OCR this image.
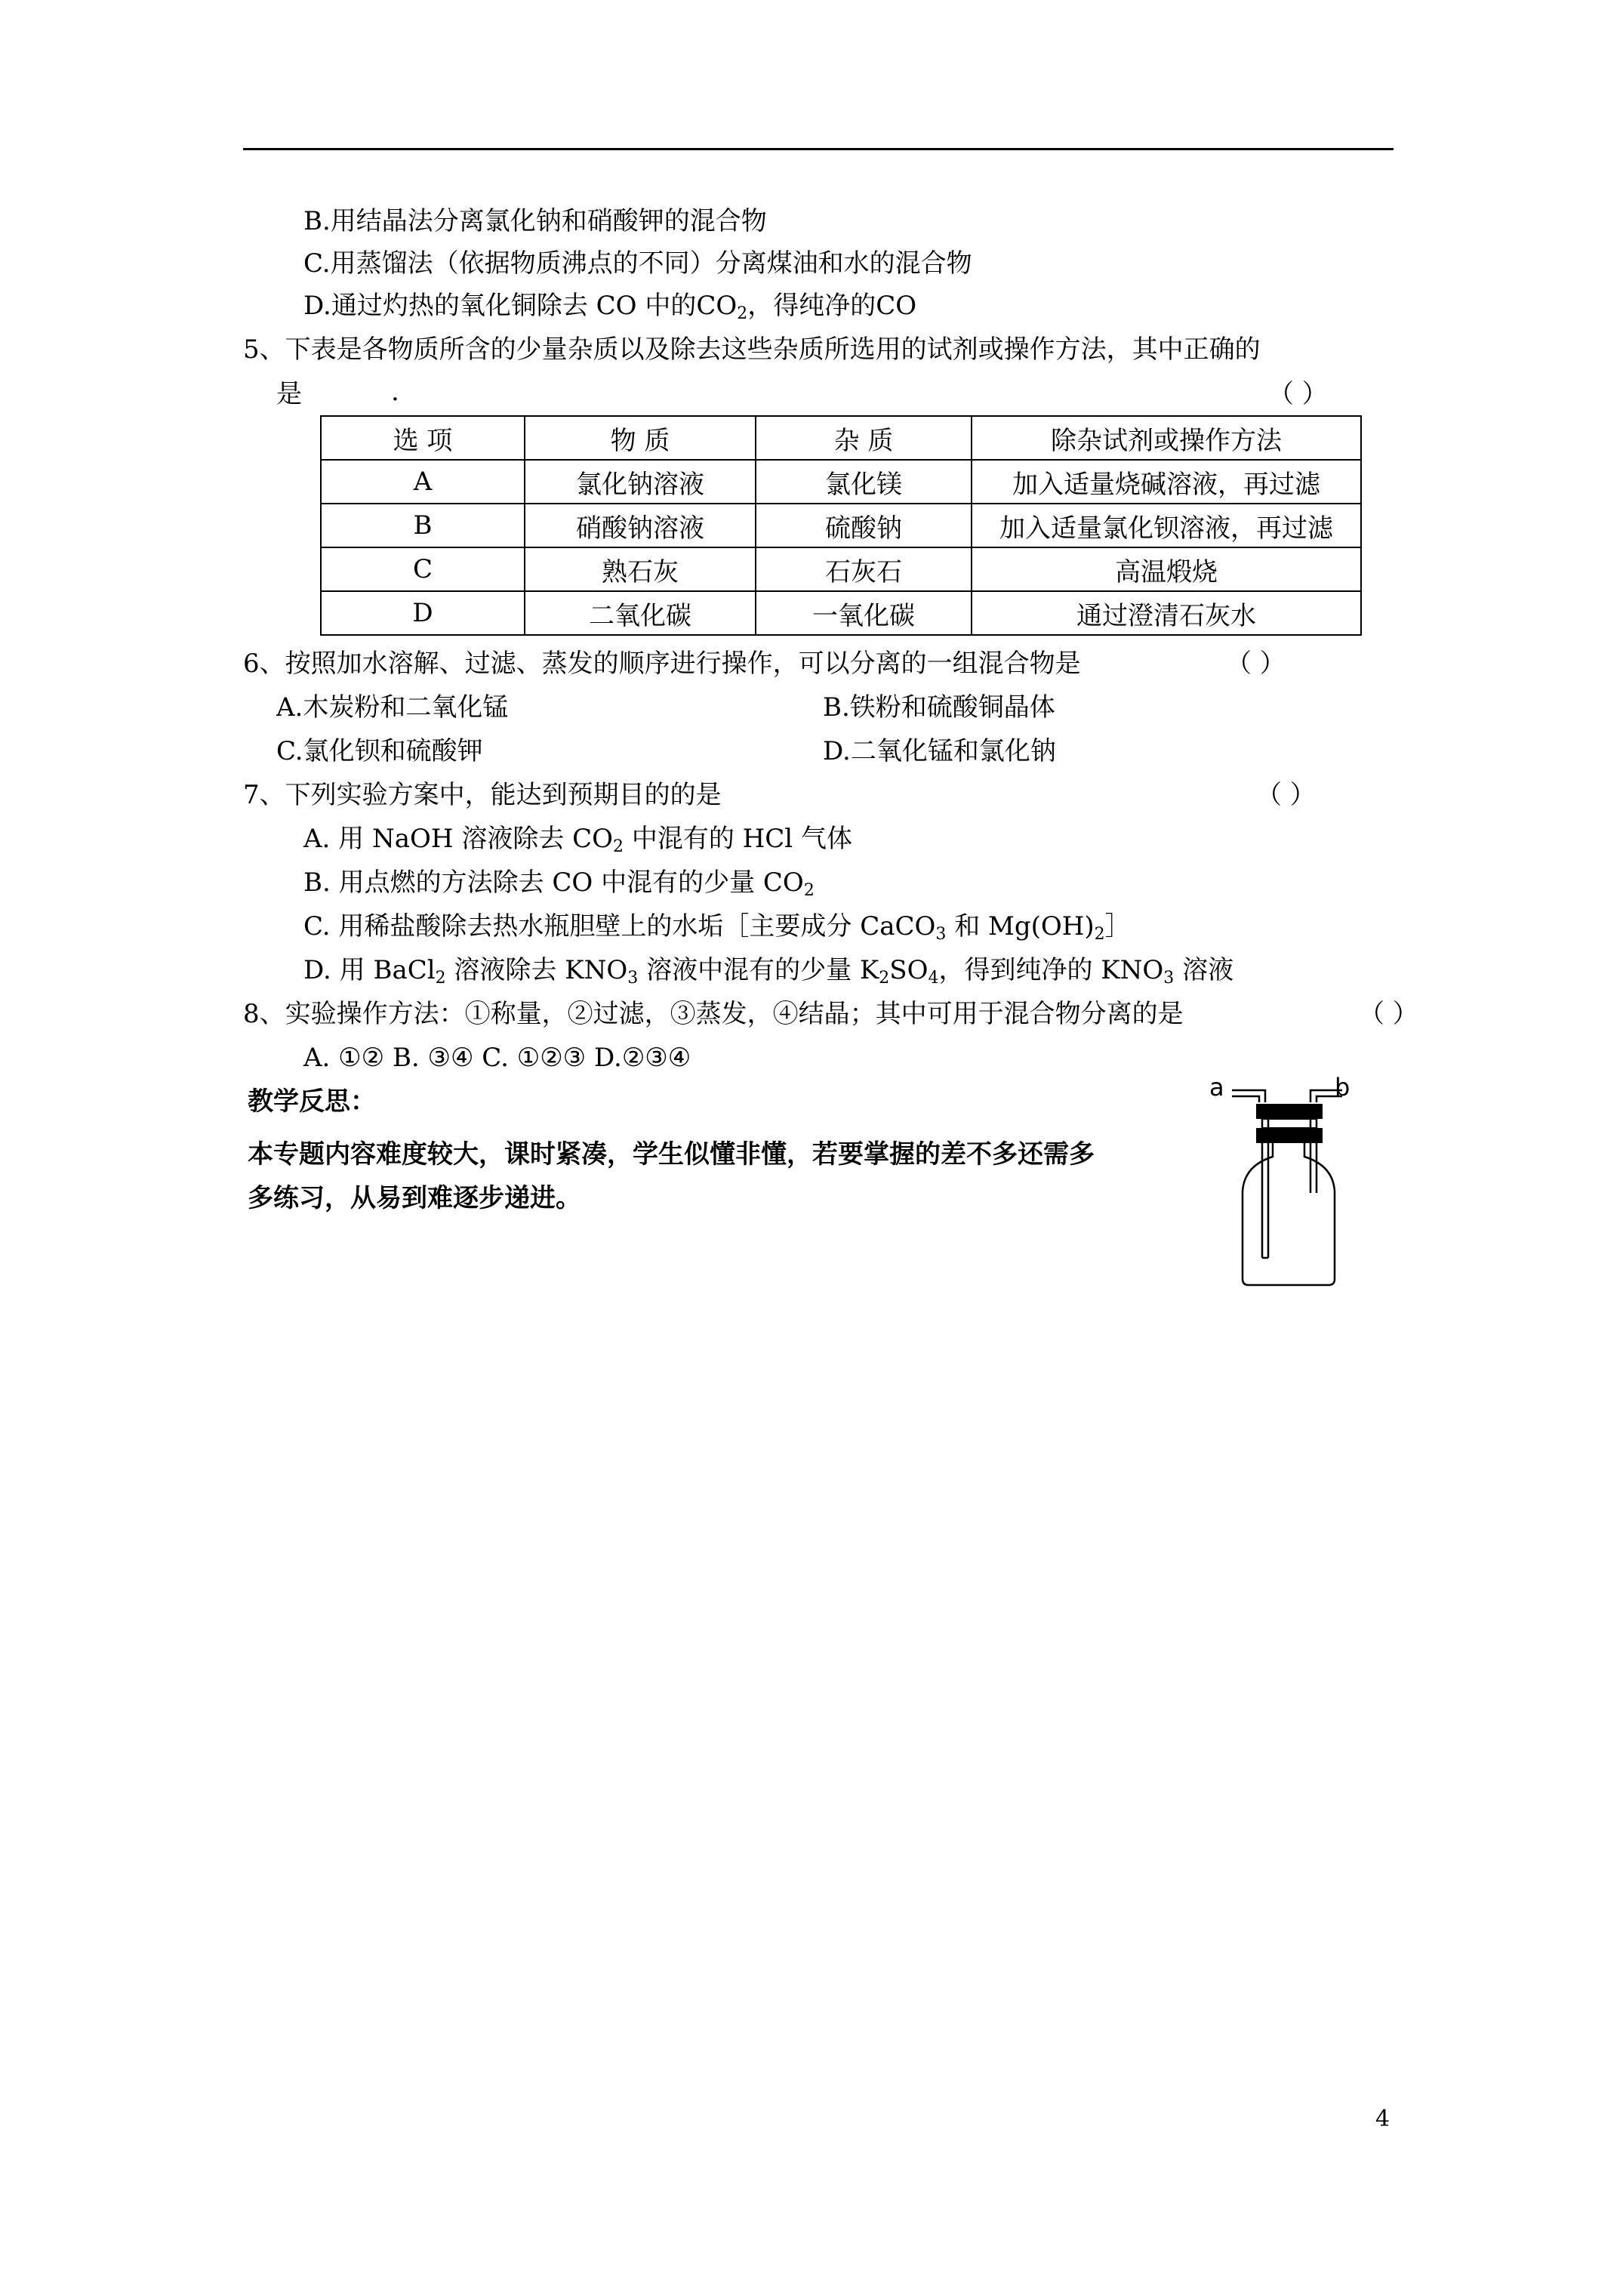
B.用结晶法分离氯化钠和硝酸钾的混合物
C.用蒸馏法（依据物质沸点的不同）分离煤油和水的混合物
D.通过灼热的氧化铜除去 CO 中的$CO_2$，得纯净的CO
5、下表是各物质所含的少量杂质以及除去这些杂质所选用的试剂或操作方法，其中正确的
是	.	（ ）
选 项	物 质	杂 质	除杂试剂或操作方法
A	氯化钠溶液	氯化镁	加入适量烧碱溶液，再过滤
B	硝酸钠溶液	硫酸钠	加入适量氯化钡溶液，再过滤
C	熟石灰	石灰石	高温煅烧
D	二氧化碳	一氧化碳	通过澄清石灰水
6、按照加水溶解、过滤、蒸发的顺序进行操作，可以分离的一组混合物是	（ ）
A.木炭粉和二氧化锰	B.铁粉和硫酸铜晶体
C.氯化钡和硫酸钾	D.二氧化锰和氯化钠
7、下列实验方案中，能达到预期目的的是	（ ）
A. 用 NaOH 溶液除去 $CO_2$ 中混有的 HCl 气体
B. 用点燃的方法除去 CO 中混有的少量 $CO_2$
C. 用稀盐酸除去热水瓶胆壁上的水垢［主要成分 CaCO$_3$ 和 $Mg(OH)_2]$
D. 用 BaCl$_2$ 溶液除去 $KNO_3$ 溶液中混有的少量 $K_2SO_4$，得到纯净的 $KNO_3$ 溶液
8、实验操作方法：①称量，②过滤，③蒸发，④结晶；其中可用于混合物分离的是	（ ）
A. ①② B. ③④ C. ①②③ D.②③④
教学反思：
本专题内容难度较大，课时紧凑，学生似懂非懂，若要掌握的差不多还需多
多练习，从易到难逐步递进。
a	b
4
